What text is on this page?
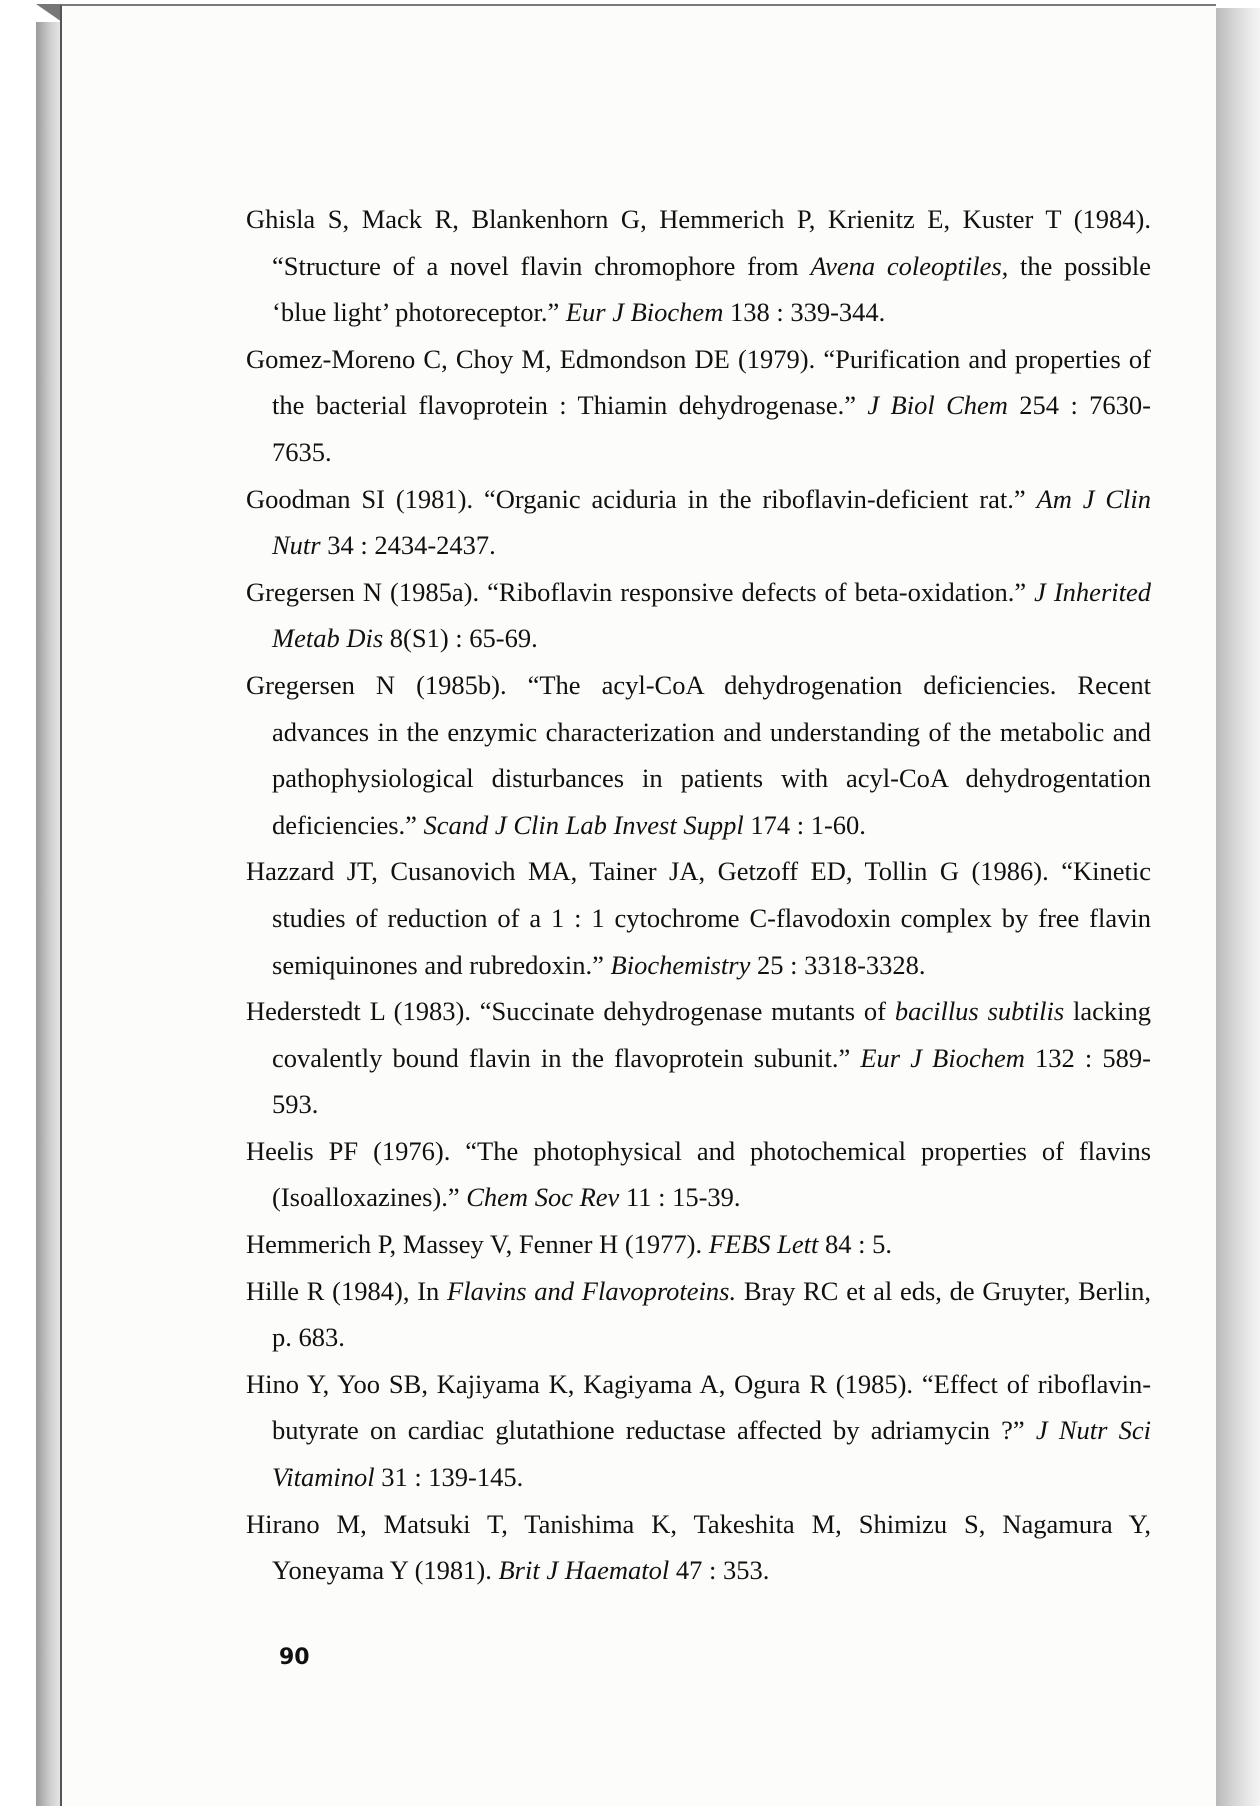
Ghisla S, Mack R, Blankenhorn G, Hemmerich P, Krienitz E, Kuster T (1984). “Structure of a novel flavin chromophore from Avena coleoptiles, the possible ‘blue light’ photoreceptor.” Eur J Biochem 138 : 339-344.
Gomez-Moreno C, Choy M, Edmondson DE (1979). “Purification and properties of the bacterial flavoprotein : Thiamin dehydrogenase.” J Biol Chem 254 : 7630-7635.
Goodman SI (1981). “Organic aciduria in the riboflavin-deficient rat.” Am J Clin Nutr 34 : 2434-2437.
Gregersen N (1985a). “Riboflavin responsive defects of beta-oxidation.” J Inherited Metab Dis 8(S1) : 65-69.
Gregersen N (1985b). “The acyl-CoA dehydrogenation deficiencies. Recent advances in the enzymic characterization and understanding of the metabolic and pathophysiological disturbances in patients with acyl-CoA dehydrogentation deficiencies.” Scand J Clin Lab Invest Suppl 174 : 1-60.
Hazzard JT, Cusanovich MA, Tainer JA, Getzoff ED, Tollin G (1986). “Kinetic studies of reduction of a 1 : 1 cytochrome C-flavodoxin complex by free flavin semiquinones and rubredoxin.” Biochemistry 25 : 3318-3328.
Hederstedt L (1983). “Succinate dehydrogenase mutants of bacillus subtilis lacking covalently bound flavin in the flavoprotein subunit.” Eur J Biochem 132 : 589-593.
Heelis PF (1976). “The photophysical and photochemical properties of flavins (Isoalloxazines).” Chem Soc Rev 11 : 15-39.
Hemmerich P, Massey V, Fenner H (1977). FEBS Lett 84 : 5.
Hille R (1984), In Flavins and Flavoproteins. Bray RC et al eds, de Gruyter, Berlin, p. 683.
Hino Y, Yoo SB, Kajiyama K, Kagiyama A, Ogura R (1985). “Effect of riboflavin-butyrate on cardiac glutathione reductase affected by adriamycin ?” J Nutr Sci Vitaminol 31 : 139-145.
Hirano M, Matsuki T, Tanishima K, Takeshita M, Shimizu S, Nagamura Y, Yoneyama Y (1981). Brit J Haematol 47 : 353.
90
